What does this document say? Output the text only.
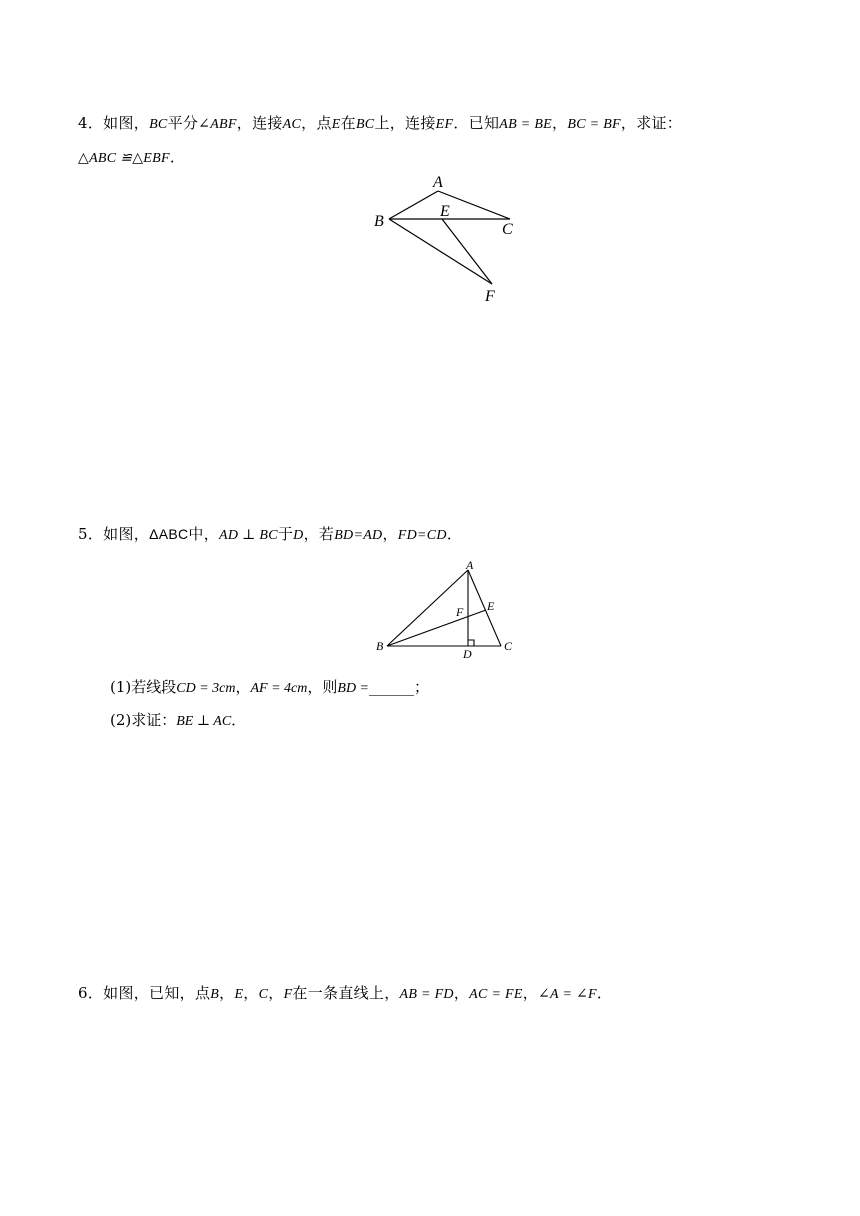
4．如图，BC平分∠ABF，连接AC，点E在BC上，连接EF．已知AB = BE，BC = BF，求证：
△ABC ≌△EBF．
A
B	C
E
F
5．如图，ΔABC中，AD ⊥ BC于D，若BD=AD，FD=CD．
A
B	C
D
E
F
(1)若线段CD = 3cm，AF = 4cm，则BD =______；
(2)求证：BE ⊥ AC．
6．如图，已知，点B，E，C，F在一条直线上，AB = FD，AC = FE，∠A = ∠F．
